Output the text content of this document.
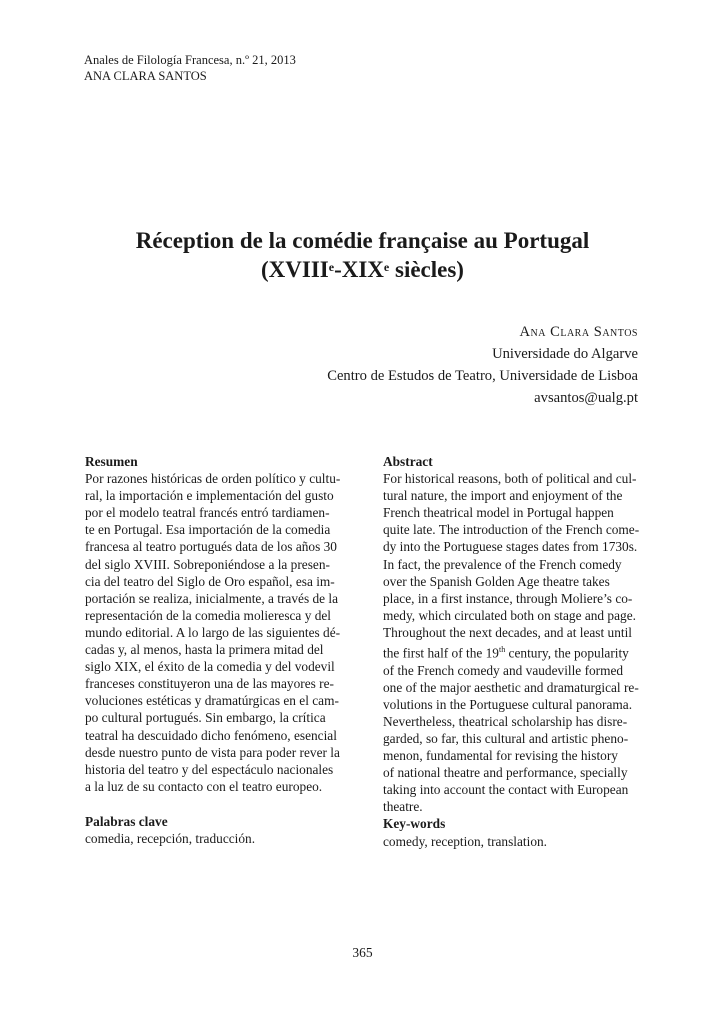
Anales de Filología Francesa, n.º 21, 2013
ANA CLARA SANTOS
Réception de la comédie française au Portugal
(XVIIIe-XIXe siècles)
Ana Clara Santos
Universidade do Algarve
Centro de Estudos de Teatro, Universidade de Lisboa
avsantos@ualg.pt
Resumen
Por razones históricas de orden político y cultu-
ral, la importación e implementación del gusto
por el modelo teatral francés entró tardiamen-
te en Portugal. Esa importación de la comedia
francesa al teatro portugués data de los años 30
del siglo XVIII. Sobreponiéndose a la presen-
cia del teatro del Siglo de Oro español, esa im-
portación se realiza, inicialmente, a través de la
representación de la comedia molieresca y del
mundo editorial. A lo largo de las siguientes dé-
cadas y, al menos, hasta la primera mitad del
siglo XIX, el éxito de la comedia y del vodevil
franceses constituyeron una de las mayores re-
voluciones estéticas y dramatúrgicas en el cam-
po cultural portugués. Sin embargo, la crítica
teatral ha descuidado dicho fenómeno, esencial
desde nuestro punto de vista para poder rever la
historia del teatro y del espectáculo nacionales
a la luz de su contacto con el teatro europeo.
Palabras clave
comedia, recepción, traducción.
Abstract
For historical reasons, both of political and cul-
tural nature, the import and enjoyment of the
French theatrical model in Portugal happen
quite late. The introduction of the French come-
dy into the Portuguese stages dates from 1730s.
In fact, the prevalence of the French comedy
over the Spanish Golden Age theatre takes
place, in a first instance, through Moliere’s co-
medy, which circulated both on stage and page.
Throughout the next decades, and at least until
the first half of the 19th century, the popularity
of the French comedy and vaudeville formed
one of the major aesthetic and dramaturgical re-
volutions in the Portuguese cultural panorama.
Nevertheless, theatrical scholarship has disre-
garded, so far, this cultural and artistic pheno-
menon, fundamental for revising the history
of national theatre and performance, specially
taking into account the contact with European
theatre.
Key-words
comedy, reception, translation.
365
